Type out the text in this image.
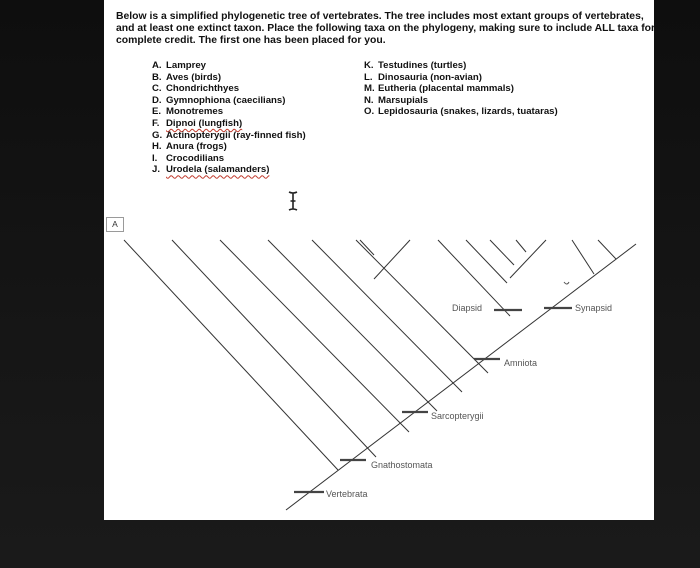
Below is a simplified phylogenetic tree of vertebrates. The tree includes most extant groups of vertebrates, and at least one extinct taxon. Place the following taxa on the phylogeny, making sure to include ALL taxa for complete credit. The first one has been placed for you.

A. Lamprey
B. Aves (birds)
C. Chondrichthyes
D. Gymnophiona (caecilians)
E. Monotremes
F. Dipnoi (lungfish)
G. Actinopterygii (ray-finned fish)
H. Anura (frogs)
I. Crocodilians
J. Urodela (salamanders)
K. Testudines (turtles)
L. Dinosauria (non-avian)
M. Eutheria (placental mammals)
N. Marsupials
O. Lepidosauria (snakes, lizards, tuataras)
A
Vertebrata
Gnathostomata
Sarcopterygii
Amniota
Diapsid	Synapsid
